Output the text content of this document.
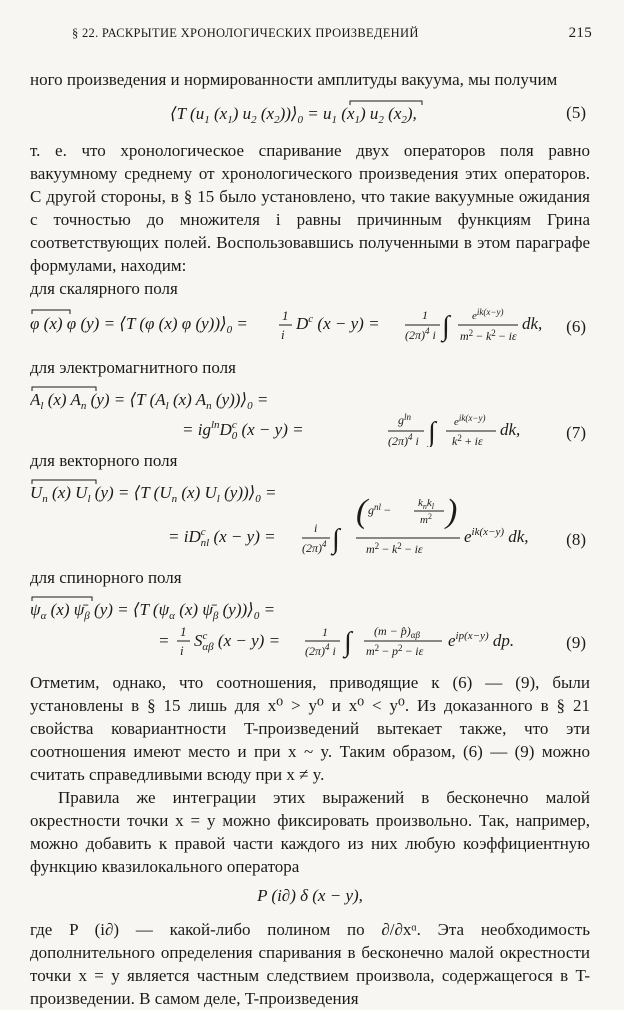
§ 22. РАСКРЫТИЕ ХРОНОЛОГИЧЕСКИХ ПРОИЗВЕДЕНИЙ	215

ного произведения и нормированности амплитуды вакуума, мы получим

⟨T ($u_1$ $(x_1)$ $u_2$ $(x_2))⟩_0 = u_1$ $(x_1)$ $u_2$ $(x_2)$,	(5)

т. е. что хронологическое спаривание двух операторов поля равно вакуумному среднему от хронологического произведения этих операторов. С другой стороны, в § 15 было установлено, что такие вакуумные ожидания с точностью до множителя i равны причинным функциям Грина соответствующих полей. Воспользовавшись полученными в этом параграфе формулами, находим:

для скалярного поля

φ (x) φ (y) = ⟨T (φ (x) φ $(y))⟩_0$ =	1
i
$D^c$ (x − y) =	1
$(2\pi)^4$ i ∫ $e^{ik(x-y)}$
$m^2 - k^2 - i\varepsilon$
dk, (6)

для электромагнитного поля

$A_l$ (x) $A_n$ (y) = ⟨T ($A_l$ (x) $A_n$ $(y))⟩_0$ =
= $ig^{ln}D^c$ 0 (x − y) =	$g^{ln}$
$(2\pi)^4$ i ∫ $e^{ik(x-y)}$
$k^2 + i\varepsilon$
dk,	(7)

для векторного поля

$U_n$ (x) $U_l$ (y) = ⟨T ($U_n$ (x) $U_l$ $(y))⟩_0$ =
= $iD^c$ nl (x − y) =	i
$(2\pi)^4$ ∫
( $g^{nl} - k_nk_l$
$m^2$ )
$m^2 - k^2 - i\varepsilon$
$e^{ik(x-y)}$ dk, (8)

для спинорного поля

$\psi_\alpha$ (x) $\psī_\beta$ (y) = ⟨T ($\psi_\alpha$ (x) $\psī_\beta$ $(y))⟩_0$ =
= 1
i
$S^c$ αβ (x − y) =	1
$(2\pi)^4$ i ∫ $(m - p̂)_{\alpha\beta}$
$m^2 - p^2 - i\varepsilon$
$e^{ip(x-y)}$ dp.	(9)

Отметим, однако, что соотношения, приводящие к (6) — (9), были установлены в § 15 лишь для x⁰ > y⁰ и x⁰ < y⁰. Из доказанного в § 21 свойства ковариантности T-произведений вытекает также, что эти соотношения имеют место и при x ~ y. Таким образом, (6) — (9) можно считать справедливыми всюду при x ≠ y.

Правила же интеграции этих выражений в бесконечно малой окрестности точки x = y можно фиксировать произвольно. Так, например, можно добавить к правой части каждого из них любую коэффициентную функцию квазилокального оператора

P (i∂) δ (x − y),

где P (i∂) — какой-либо полином по ∂/∂xᵅ. Эта необходимость дополнительного определения спаривания в бесконечно малой окрестности точки x = y является частным следствием произвола, содержащегося в T-произведении. В самом деле, T-произведения
